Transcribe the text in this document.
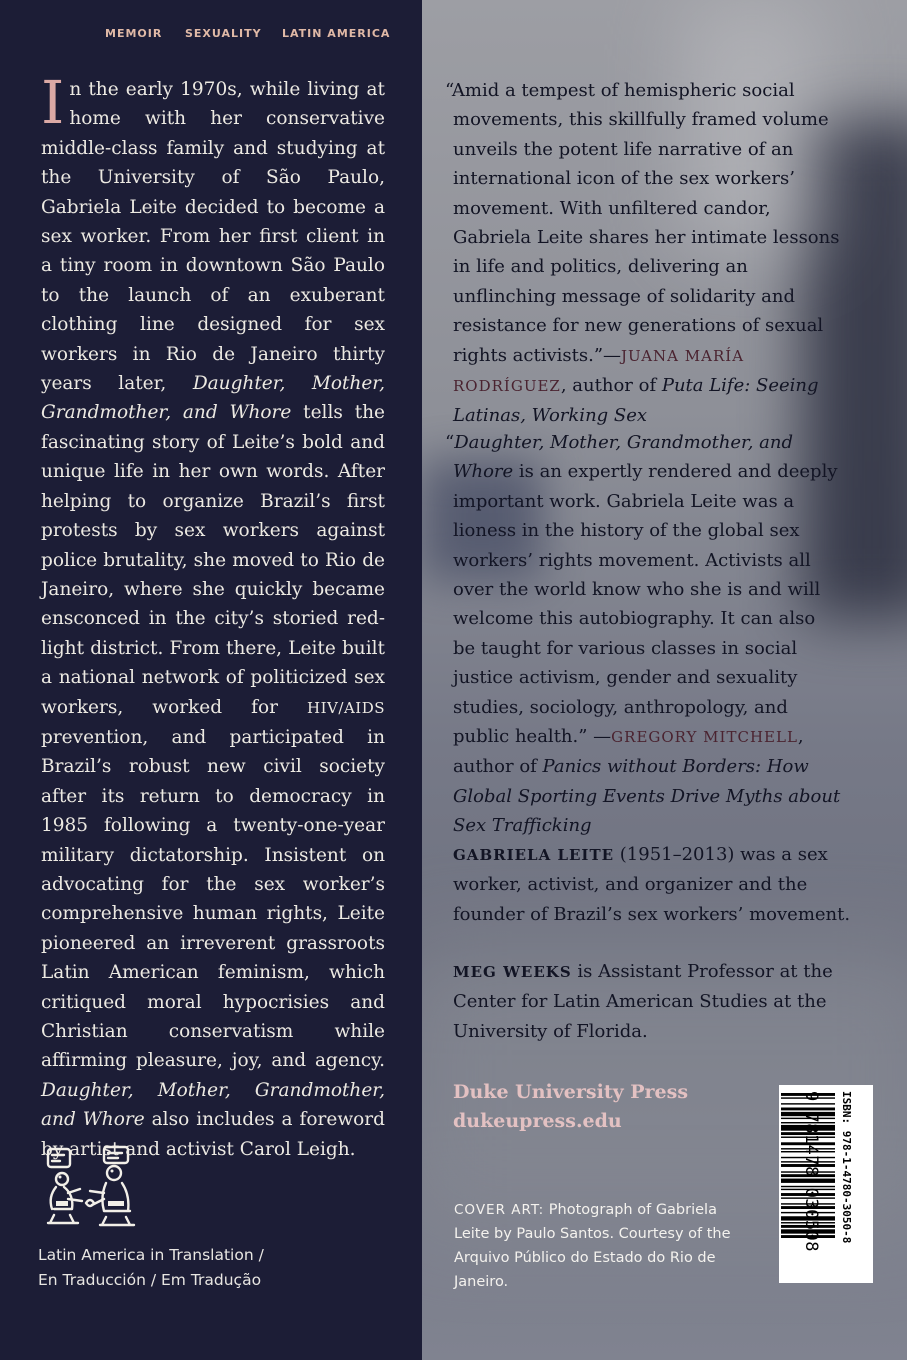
MEMOIR	SEXUALITY	LATIN AMERICA

In the early 1970s, while living at home with her conservative middle-class family and studying at the University of São Paulo, Gabriela Leite decided to become a sex worker. From her first client in a tiny room in downtown São Paulo to the launch of an exuberant clothing line designed for sex workers in Rio de Janeiro thirty years later, Daughter, Mother, Grandmother, and Whore tells the fascinating story of Leite’s bold and unique life in her own words. After helping to organize Brazil’s first protests by sex workers against police brutality, she moved to Rio de Janeiro, where she quickly became ensconced in the city’s storied red-light district. From there, Leite built a national network of politicized sex workers, worked for HIV/AIDS prevention, and participated in Brazil’s robust new civil society after its return to democracy in 1985 following a twenty-one-year military dictatorship. Insistent on advocating for the sex worker’s comprehensive human rights, Leite pioneered an irreverent grassroots Latin American feminism, which critiqued moral hypocrisies and Christian conservatism while affirming pleasure, joy, and agency. Daughter, Mother, Grandmother, and Whore also includes a foreword by artist and activist Carol Leigh.

Latin America in Translation /
En Traducción / Em Tradução

“Amid a tempest of hemispheric social movements, this skillfully framed volume unveils the potent life narrative of an international icon of the sex workers’ movement. With unfiltered candor, Gabriela Leite shares her intimate lessons in life and politics, delivering an unflinching message of solidarity and resistance for new generations of sexual rights activists.”—JUANA MARÍA RODRÍGUEZ, author of Puta Life: Seeing Latinas, Working Sex

“Daughter, Mother, Grandmother, and Whore is an expertly rendered and deeply important work. Gabriela Leite was a lioness in the history of the global sex workers’ rights movement. Activists all over the world know who she is and will welcome this autobiography. It can also be taught for various classes in social justice activism, gender and sexuality studies, sociology, anthropology, and public health.” —GREGORY MITCHELL, author of Panics without Borders: How Global Sporting Events Drive Myths about Sex Trafficking

GABRIELA LEITE (1951–2013) was a sex worker, activist, and organizer and the founder of Brazil’s sex workers’ movement.

MEG WEEKS is Assistant Professor at the Center for Latin American Studies at the University of Florida.

Duke University Press
dukeupress.edu

COVER ART: Photograph of Gabriela Leite by Paulo Santos. Courtesy of the Arquivo Público do Estado do Rio de Janeiro.

9 781478 030508 ISBN: 978-1-4780-3050-8
